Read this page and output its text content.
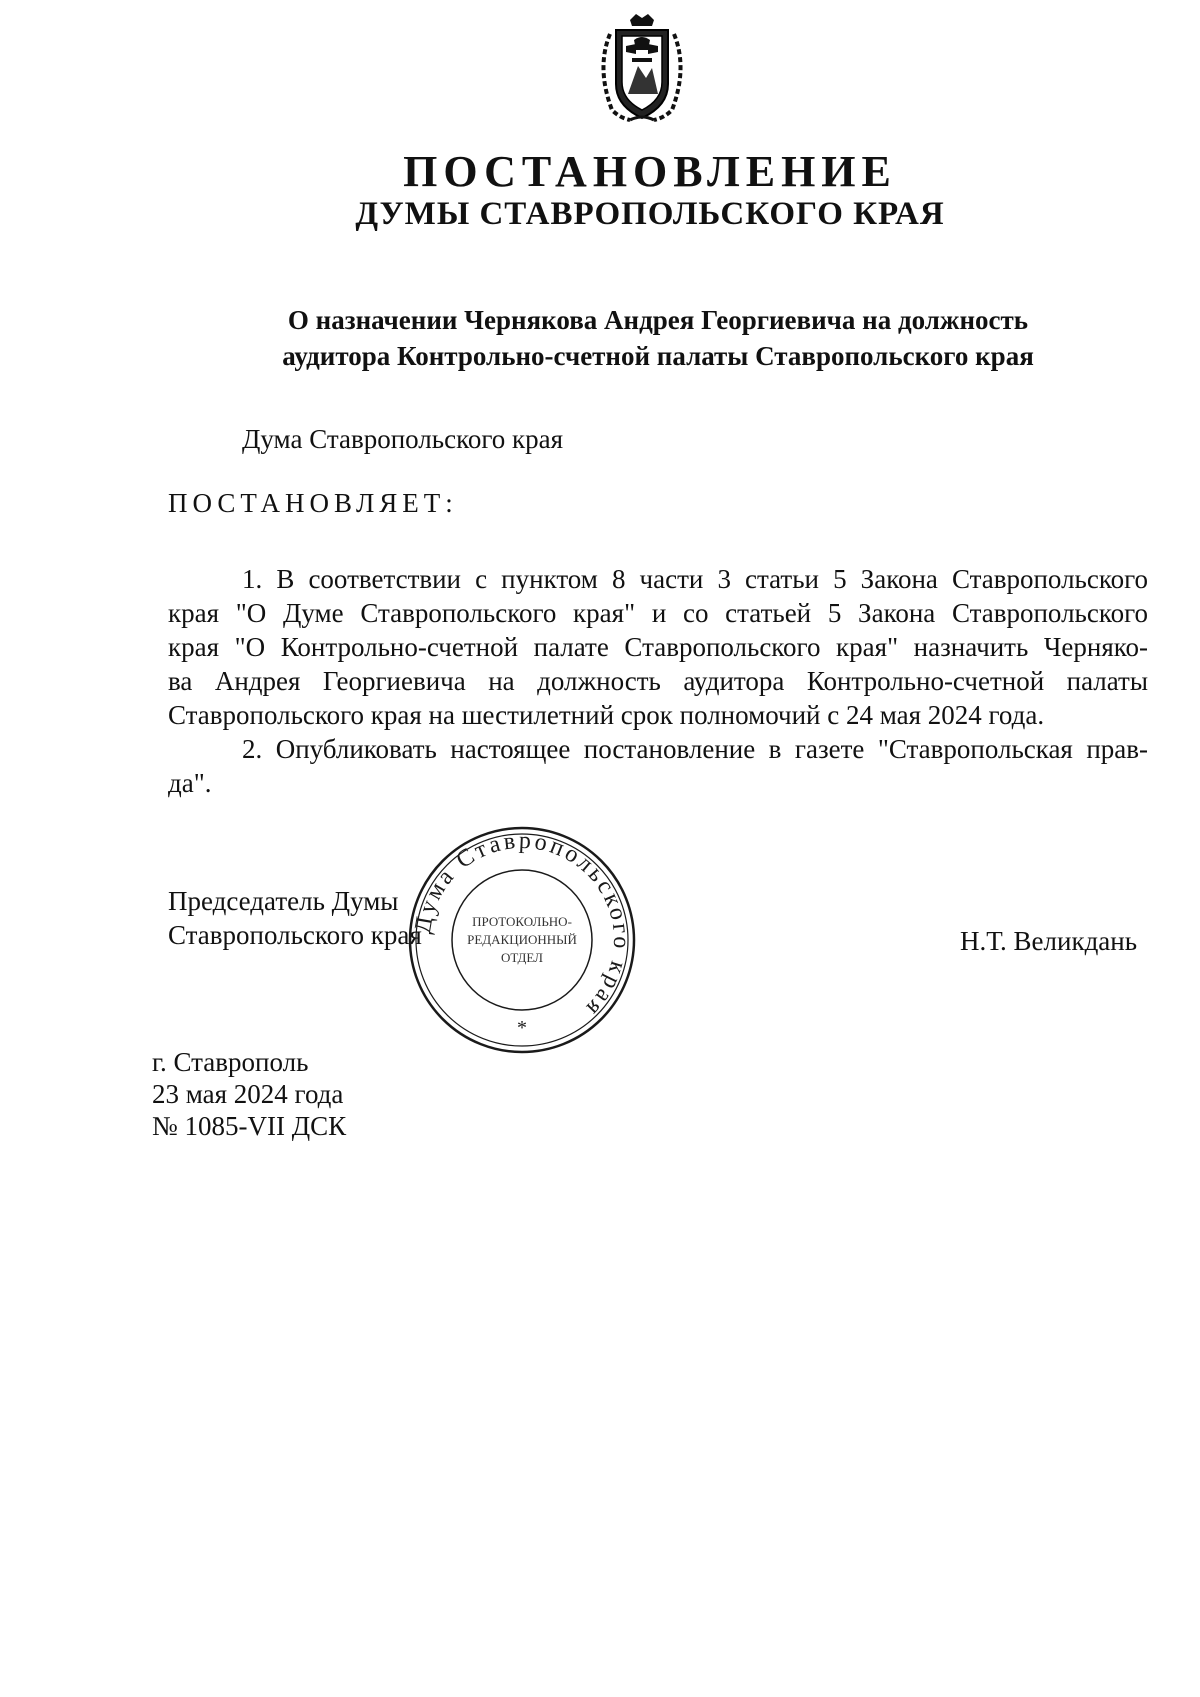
ПОСТАНОВЛЕНИЕ
ДУМЫ СТАВРОПОЛЬСКОГО КРАЯ
О назначении Чернякова Андрея Георгиевича на должность
аудитора Контрольно-счетной палаты Ставропольского края
Дума Ставропольского края
ПОСТАНОВЛЯЕТ:
1. В соответствии с пунктом 8 части 3 статьи 5 Закона Ставропольского
края "О Думе Ставропольского края" и со статьей 5 Закона Ставропольского
края "О Контрольно-счетной палате Ставропольского края" назначить Черняко-
ва Андрея Георгиевича на должность аудитора Контрольно-счетной палаты
Ставропольского края на шестилетний срок полномочий с 24 мая 2024 года.
2. Опубликовать настоящее постановление в газете "Ставропольская прав-
да".
Председатель Думы
Ставропольского края	Н.Т. Великдань
Дума Ставропольского края
ПРОТОКОЛЬНО-
РЕДАКЦИОННЫЙ
ОТДЕЛ
*
г. Ставрополь
23 мая 2024 года
№ 1085-VII ДСК
